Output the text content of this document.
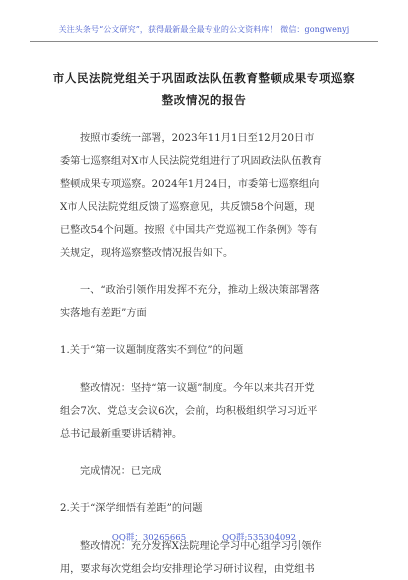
关注头条号“公文研究”，获得最新最全最专业的公文资料库！ 微信：gongwenyj
市人民法院党组关于巩固政法队伍教育整顿成果专项巡察
整改情况的报告
按照市委统一部署，2023年11月1日至12月20日市
委第七巡察组对X市人民法院党组进行了巩固政法队伍教育
整顿成果专项巡察。2024年1月24日，市委第七巡察组向
X市人民法院党组反馈了巡察意见，共反馈58个问题，现
已整改54个问题。按照《中国共产党巡视工作条例》等有
关规定，现将巡察整改情况报告如下。
一、“政治引领作用发挥不充分，推动上级决策部署落
实落地有差距”方面
1.关于“第一议题制度落实不到位”的问题
整改情况：坚持“第一议题”制度。今年以来共召开党
组会7次、党总支会议6次，会前，均积极组织学习习近平
总书记最新重要讲话精神。
完成情况：已完成
2.关于“深学细悟有差距”的问题
整改情况：充分发挥X法院理论学习中心组学习引领作
用，要求每次党组会均安排理论学习研讨议程，由党组书
QQ群：30265665	QQ群:535304092
